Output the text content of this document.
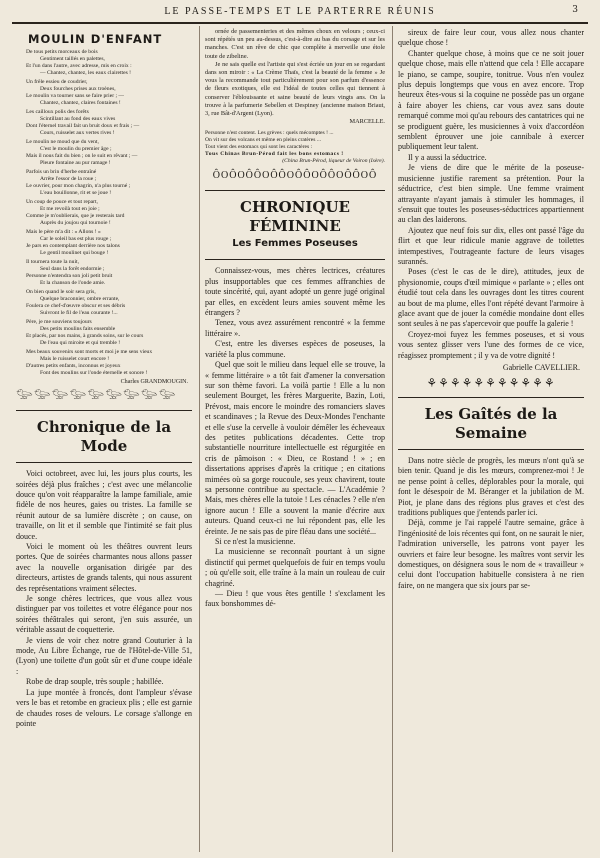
LE PASSE-TEMPS ET LE PARTERRE RÉUNIS	3
MOULIN D'ENFANT
De tous petits morceaux de bois
Gentiment taillés en palettes,
Et l'un dans l'autre, avec adresse, mis en croix :
— Chantez, chantez, les eaux clairettes !
Un frêle essieu de coudrier,
Deux fourches prises aux troènes,
Le moulin va tourner sans se faire prier ; —
Chantez, chantez, claires fontaines !
Les cailloux polis des forêts
Scintillant au fond des eaux vives
Dont l'éternel travail fait un bruit doux et frais ; —
Cours, ruisselet aux vertes rives !
Le moulin ne moud que du vent,
C'est le moulin du premier âge ;
Mais il nous fait du bien ; on le suit en rêvant ; —
Pleure fontaine au pur ramage !
Parfois un brin d'herbe entraîné
Arrête l'essor de la roue ;
Le ouvrier, pour mon chagrin, n'a plus tourné ;
L'eau bouillonne, rit et se joue !
Un coup de pouce et tout repart,
Et me revoilà tout en joie ;
Comme je m'oublierais, que je resterais tard
Auprès du joujou qui tournoie !
Mais le père m'a dit : « Allons ! »
Car le soleil bas est plus rouge ;
Je pars en contemplant derrière nos talons
Le gentil moulinet qui bouge !
Il tournera toute la nuit,
Seul dans la forêt endormie ;
Personne n'entendra son joli petit bruit
Et la chanson de l'onde amie.
On bien quand le soir sera gris,
Quelque braconnier, ombre errante,
Foulera ce chef-d'œuvre obscur et ses débris
Suivront le fil de l'eau courante !...
Père, je me souviens toujours
Des petits moulins faits ensemble
Et placés, par nos mains, à grands soins, sur le cours
De l'eau qui miroite et qui tremble !
Mes beaux souvenirs sont morts et moi je me sens vieux
Mais le ruisselet court encore !
D'autres petits enfants, inconnus et joyeux
Font des moulins sur l'onde éternelle et sonore !
Charles GRANDMOUGIN.
𓅰𓅰𓅰𓅰𓅰𓅰𓅰𓅰𓅰
Chronique de la Mode

Voici octobreet, avec lui, les jours plus courts, les soirées déjà plus fraîches ; c'est avec une mélancolie douce qu'on voit réapparaître la lampe familiale, amie fidèle de nos heures, gaies ou tristes. La famille se réunit autour de sa lumière discrète ; on cause, on travaille, on lit et il semble que l'intimité se fait plus douce.

Voici le moment où les théâtres ouvrent leurs portes. Que de soirées charmantes nous allons passer avec la nouvelle organisation dirigée par des directeurs, artistes de grands talents, qui nous assurent des représentations vraiment sélectes.

Je songe chères lectrices, que vous allez vous distinguer par vos toilettes et votre élégance pour nos soirées théâtrales qui seront, j'en suis assurée, un véritable assaut de coquetterie.

Je viens de voir chez notre grand Couturier à la mode, Au Libre Échange, rue de l'Hôtel-de-Ville 51, (Lyon) une toilette d'un goût sûr et d'une coupe idéale :

Robe de drap souple, très souple ; habillée.

La jupe montée à froncés, dont l'ampleur s'évase vers le bas et retombe en gracieux plis ; elle est garnie de chaudes roses de velours. Le corsage s'allonge en pointe

ornée de passementeries et des mêmes choux en velours ; ceux-ci sont répétés un peu au-dessus, c'est-à-dire au bas du corsage et sur les manches. C'est un rêve de chic que complète à merveille une étole toute de zibeline.

Je ne sais quelle est l'artiste qui s'est écriée un jour en se regardant dans son miroir : « La Crème Thaïs, c'est la beauté de la femme » Je vous la recommande tout particulièrement pour son parfum d'essence de fleurs exotiques, elle est l'idéal de toutes celles qui tiennent à conserver l'éblouissante et saine beauté de leurs vingts ans. On la trouve à la parfumerie Sebellen et Despiney (ancienne maison Briaut, 3, rue Bât-d'Argent (Lyon).

MARCELLE.

Personne n'est content. Les grèves : quels mécomptes ! ...
On vit sur des volcans et même en pleins cratères ...
Tout vient des estomacs qui sont les caractères :
Tous Chinas Brun-Pérod fait les bons estomacs !
(China Brun-Pérod, liqueur de Voiron (Isère).
ÔOÔOÔÔOÔÔOÔÔOÔÔOÔÔOÔ
CHRONIQUE FÉMININE
Les Femmes Poseuses

Connaissez-vous, mes chères lectrices, créatures plus insupportables que ces femmes affranchies de toute sincérité, qui, ayant adopté un genre jugé original par elles, en excèdent leurs amies souvent même les étrangers ?

Tenez, vous avez assurément rencontré « la femme littéraire ».

C'est, entre les diverses espèces de poseuses, la variété la plus commune.

Quel que soit le milieu dans lequel elle se trouve, la « femme littéraire » a tôt fait d'amener la conversation sur son thème favori. La voilà partie ! Elle a lu non seulement Bourget, les frères Marguerite, Bazin, Loti, Prévost, mais encore le moindre des romanciers slaves et scandinaves ; la Revue des Deux-Mondes l'enchante et elle s'use la cervelle à vouloir démêler les écheveaux des petites publications décadentes. Cette trop substantielle nourriture intellectuelle est régurgitée en cris de pâmoison : « Dieu, ce Rostand ! » ; en dissertations apprises d'après la critique ; en citations mimées où sa gorge roucoule, ses yeux chavirent, toute sa personne contribue au spectacle. — L'Académie ? Mais, mes chères elle la tutoie ! Les cénacles ? elle n'en ignore aucun ! Elle a souvent la manie d'écrire aux auteurs. Quand ceux-ci ne lui répondent pas, elle les éreinte. Je ne sais pas de pire fléau dans une société...

Si ce n'est la musicienne.

La musicienne se reconnaît pourtant à un signe distinctif qui permet quelquefois de fuir en temps voulu ; où qu'elle soit, elle traîne à la main un rouleau de cuir chagriné.

— Dieu ! que vous êtes gentille ! s'exclament les faux bonshommes dé-

sireux de faire leur cour, vous allez nous chanter quelque chose !

Chanter quelque chose, à moins que ce ne soit jouer quelque chose, mais elle n'attend que cela ! Elle accapare le piano, se campe, soupire, tonitrue. Vous n'en voulez plus depuis longtemps que vous en avez encore. Trop heureux êtes-vous si la coquine ne possède pas un organe à faire aboyer les chiens, car vous avez sans doute remarqué comme moi qu'au rebours des cantatrices qui ne se prodiguent guère, les musiciennes à voix d'accordéon semblent éprouver une joie cannibale à exercer publiquement leur talent.

Il y a aussi la séductrice.

Je viens de dire que le mérite de la poseuse-musicienne justifie rarement sa prétention. Pour la séductrice, c'est bien simple. Une femme vraiment attrayante n'ayant jamais à stimuler les hommages, il s'ensuit que toutes les poseuses-séductrices appartiennent au clan des laiderons.

Ajoutez que neuf fois sur dix, elles ont passé l'âge du flirt et que leur ridicule manie aggrave de toilettes intempestives, l'outrageante facture de leurs visages surannés.

Poses (c'est le cas de le dire), attitudes, jeux de physionomie, coups d'œil mimique « parlante » ; elles ont étudié tout cela dans les ouvrages dont les titres courent au bout de ma plume, elles l'ont répété devant l'armoire à glace avant que de jouer la comédie mondaine dont elles sont seules à ne pas s'apercevoir que pouffe la galerie !

Croyez-moi fuyez les femmes poseuses, et si vous vous sentez glisser vers l'une des formes de ce vice, réagissez promptement ; il y va de votre dignité !

Gabrielle CAVELLIER.
⚘⚘⚘⚘⚘⚘⚘⚘⚘⚘⚘
Les Gaîtés de la Semaine

Dans notre siècle de progrès, les mœurs n'ont qu'à se bien tenir. Quand je dis les mœurs, comprenez-moi ! Je ne pense point à celles, déplorables pour la morale, qui font le désespoir de M. Béranger et la jubilation de M. Piot, je plane dans des régions plus graves et c'est des traditions publiques que j'entends parler ici.

Déjà, comme je l'ai rappelé l'autre semaine, grâce à l'ingéniosité de lois récentes qui font, on ne saurait le nier, l'admiration universelle, les patrons vont payer les ouvriers et faire leur besogne. les maîtres vont servir les domestiques, on désignera sous le nom de « travailleur » celui dont l'occupation habituelle consistera à ne rien faire, on ne mangera que six jours par se-
